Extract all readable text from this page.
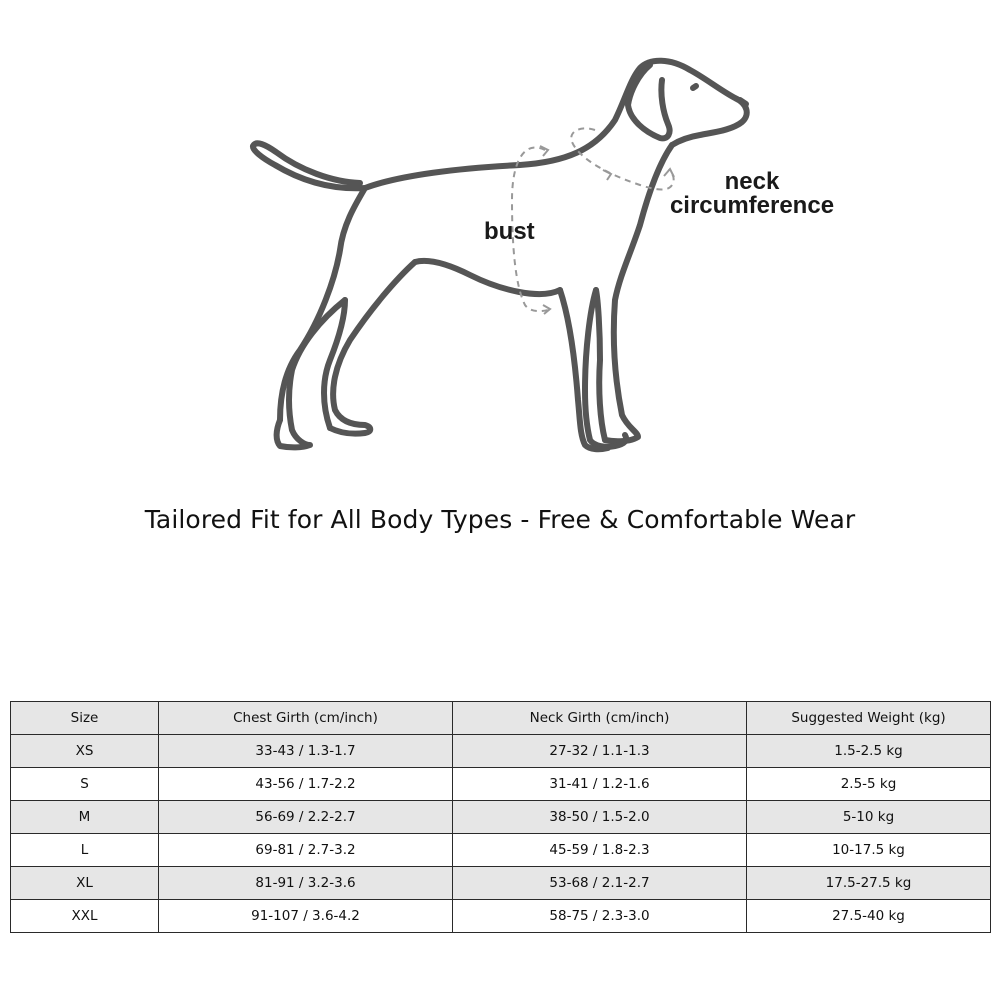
bust
neck
circumference
Tailored Fit for All Body Types - Free & Comfortable Wear
Size	Chest Girth (cm/inch)	Neck Girth (cm/inch)	Suggested Weight (kg)
XS	33-43 / 1.3-1.7	27-32 / 1.1-1.3	1.5-2.5 kg
S	43-56 / 1.7-2.2	31-41 / 1.2-1.6	2.5-5 kg
M	56-69 / 2.2-2.7	38-50 / 1.5-2.0	5-10 kg
L	69-81 / 2.7-3.2	45-59 / 1.8-2.3	10-17.5 kg
XL	81-91 / 3.2-3.6	53-68 / 2.1-2.7	17.5-27.5 kg
XXL	91-107 / 3.6-4.2	58-75 / 2.3-3.0	27.5-40 kg
